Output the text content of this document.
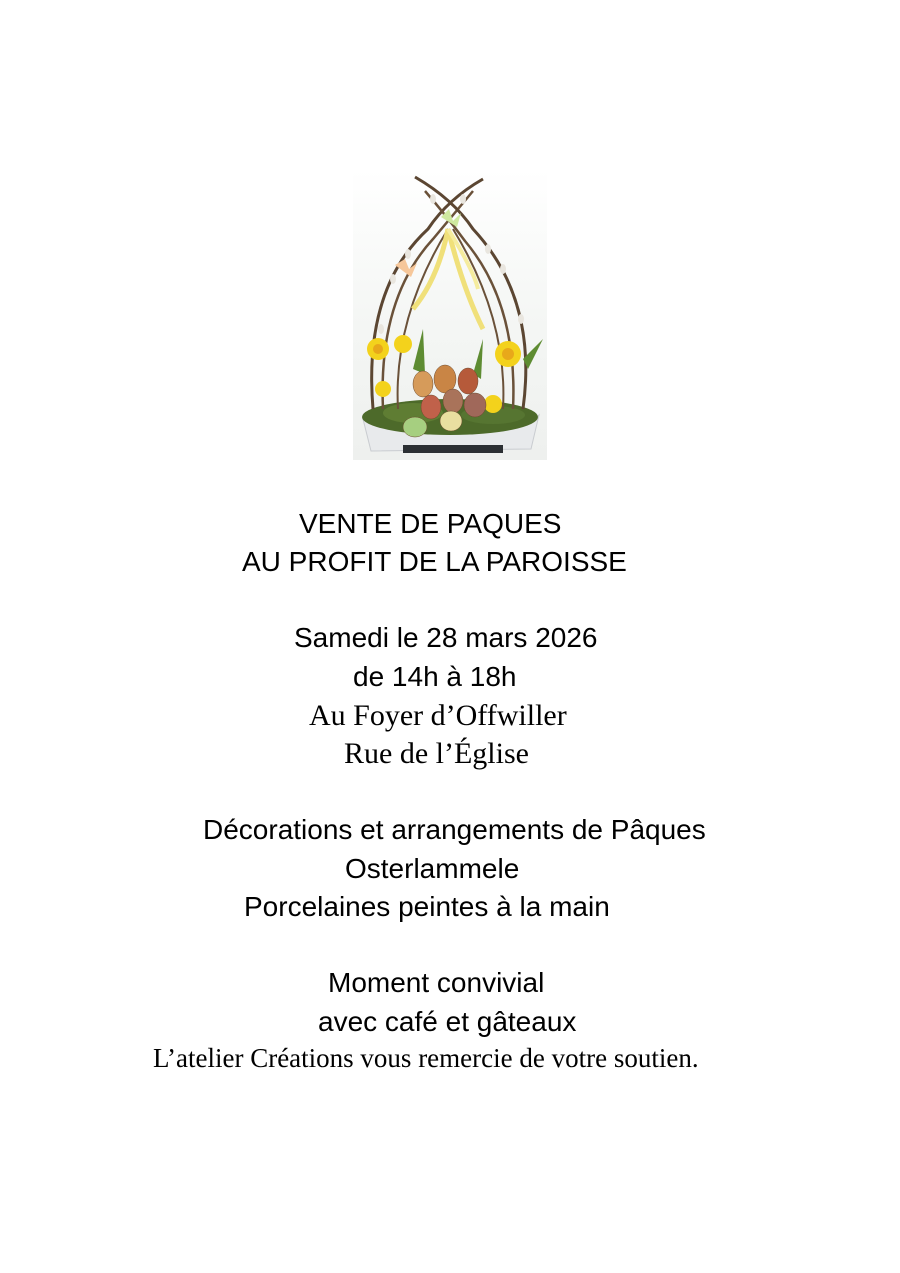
VENTE DE PAQUES
AU PROFIT DE LA PAROISSE
Samedi le 28 mars 2026
de 14h à 18h
Au Foyer d’Offwiller
Rue de l’Église
Décorations et arrangements de Pâques
Osterlammele
Porcelaines peintes à la main
Moment convivial
avec café et gâteaux
L’atelier Créations vous remercie de votre soutien.
